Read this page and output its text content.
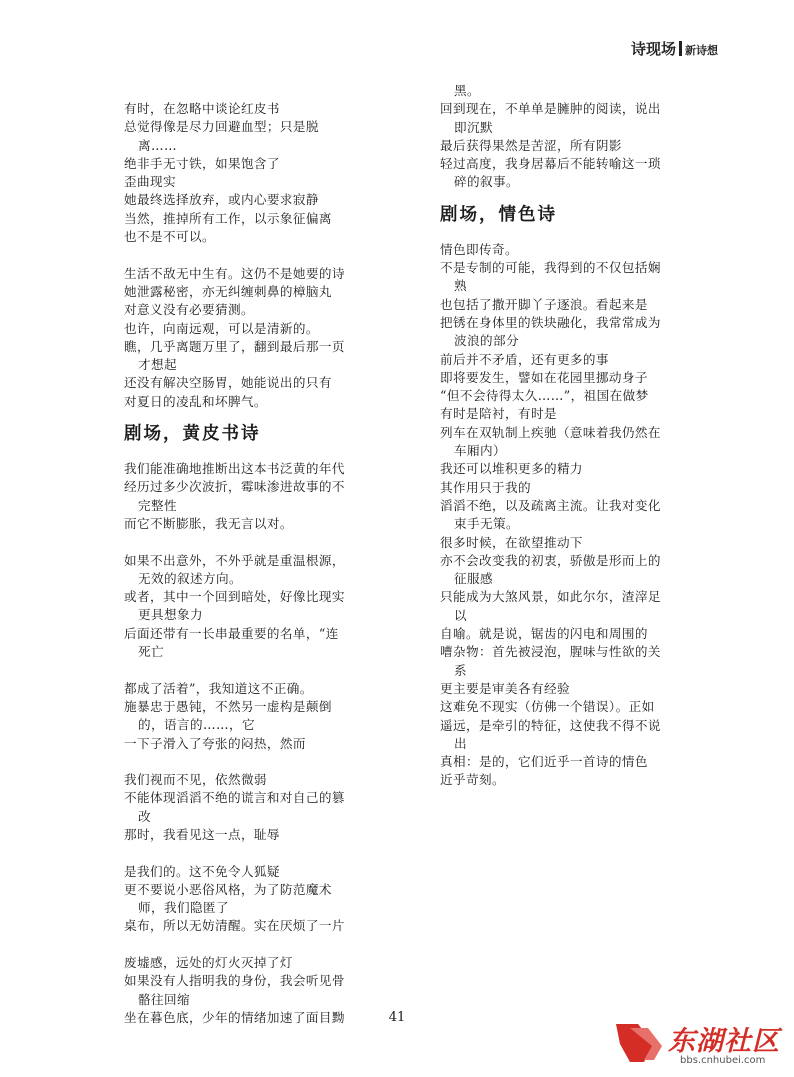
诗现场 新诗想
有时，在忽略中谈论红皮书
总觉得像是尽力回避血型；只是脱
离……
绝非手无寸铁，如果饱含了
歪曲现实
她最终选择放弃，或内心要求寂静
当然，推掉所有工作，以示象征偏离
也不是不可以。
生活不敌无中生有。这仍不是她要的诗
她泄露秘密，亦无纠缠刺鼻的樟脑丸
对意义没有必要猜测。
也许，向南远观，可以是清新的。
瞧，几乎离题万里了，翻到最后那一页
才想起
还没有解决空肠胃，她能说出的只有
对夏日的凌乱和坏脾气。
剧场，黄皮书诗
我们能准确地推断出这本书泛黄的年代
经历过多少次波折，霉味渗进故事的不
完整性
而它不断膨胀，我无言以对。
如果不出意外，不外乎就是重温根源，
无效的叙述方向。
或者，其中一个回到暗处，好像比现实
更具想象力
后面还带有一长串最重要的名单，“连
死亡
都成了活着”，我知道这不正确。
施暴忠于愚钝，不然另一虚构是颠倒
的，语言的……，它
一下子滑入了夸张的闷热，然而
我们视而不见，依然微弱
不能体现滔滔不绝的谎言和对自己的篡
改
那时，我看见这一点，耻辱
是我们的。这不免令人狐疑
更不要说小恶俗风格，为了防范魔术
师，我们隐匿了
桌布，所以无妨清醒。实在厌烦了一片
废墟感，远处的灯火灭掉了灯
如果没有人指明我的身份，我会听见骨
骼往回缩
坐在暮色底，少年的情绪加速了面目黝
黑。
回到现在，不单单是臃肿的阅读，说出
即沉默
最后获得果然是苦涩，所有阴影
轻过高度，我身居幕后不能转喻这一琐
碎的叙事。
剧场，情色诗
情色即传奇。
不是专制的可能，我得到的不仅包括娴
熟
也包括了撒开脚丫子逐浪。看起来是
把锈在身体里的铁块融化，我常常成为
波浪的部分
前后并不矛盾，还有更多的事
即将要发生，譬如在花园里挪动身子
“但不会待得太久……”，祖国在做梦
有时是陪衬，有时是
列车在双轨制上疾驰（意味着我仍然在
车厢内）
我还可以堆积更多的精力
其作用只于我的
滔滔不绝，以及疏离主流。让我对变化
束手无策。
很多时候，在欲望推动下
亦不会改变我的初衷，骄傲是形而上的
征服感
只能成为大煞风景，如此尔尔，渣滓足
以
自喻。就是说，锯齿的闪电和周围的
嘈杂物：首先被浸泡，腥味与性欲的关
系
更主要是审美各有经验
这难免不现实（仿佛一个错误）。正如
遥远，是牵引的特征，这使我不得不说
出
真相：是的，它们近乎一首诗的情色
近乎苛刻。
41
东湖社区
bbs.cnhubei.com
